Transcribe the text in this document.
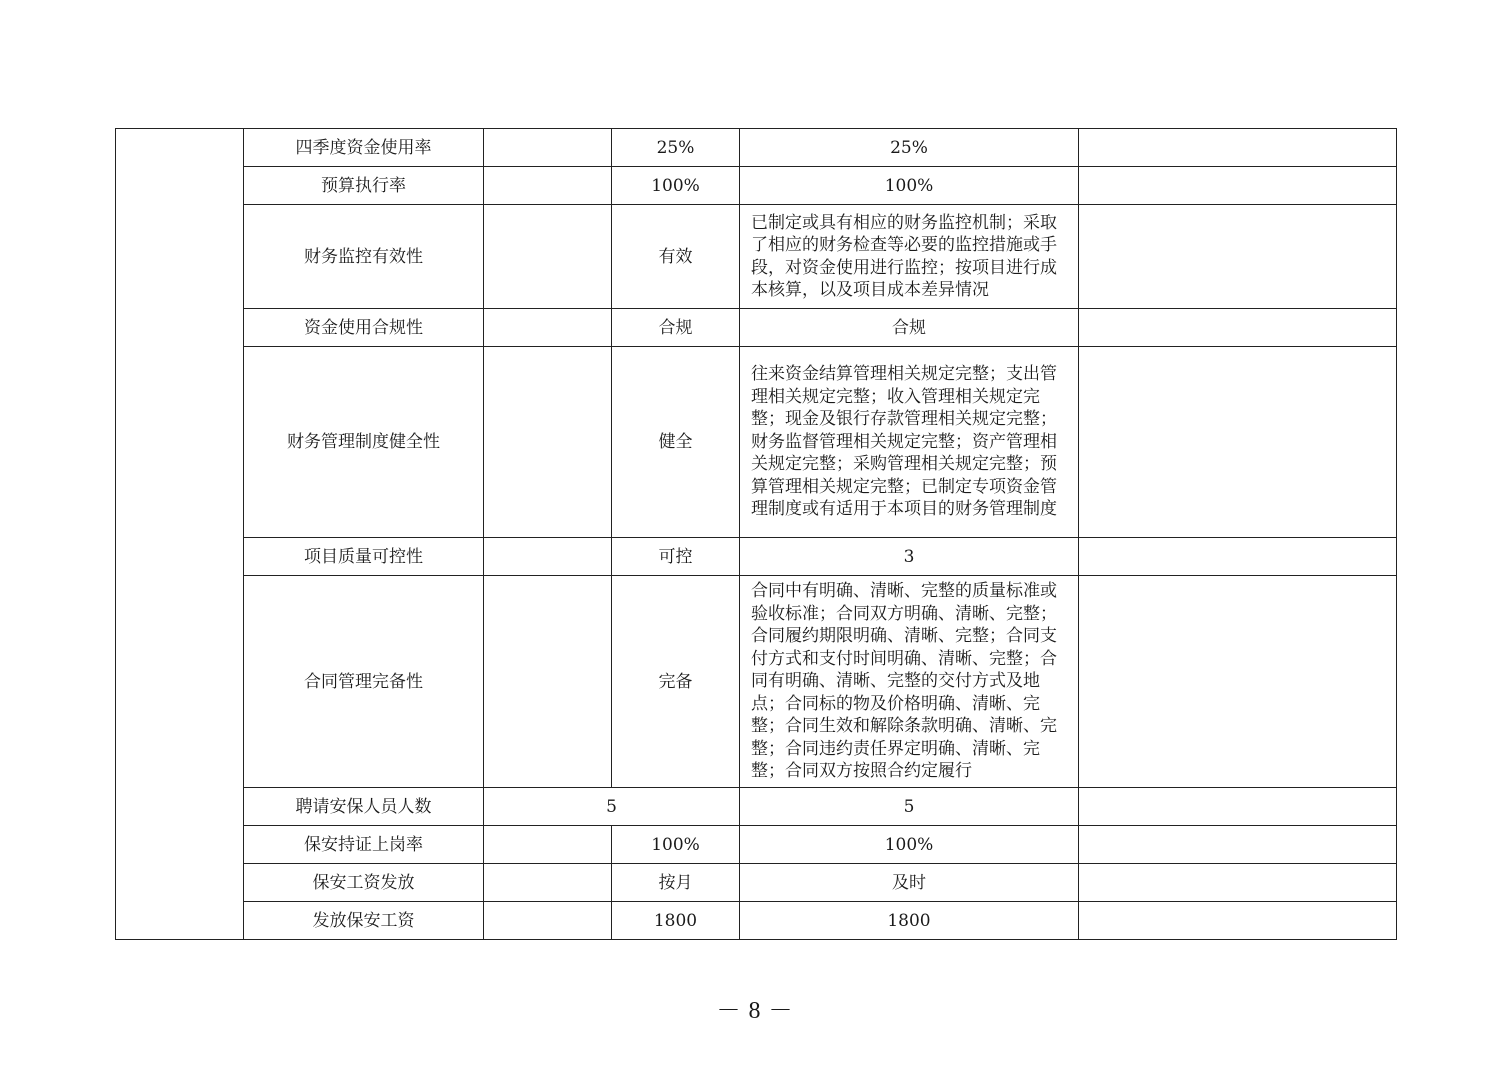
	四季度资金使用率		25%	25%	
	预算执行率		100%	100%	
	财务监控有效性		有效	已制定或具有相应的财务监控机制；采取了相应的财务检查等必要的监控措施或手段，对资金使用进行监控；按项目进行成本核算，以及项目成本差异情况	
	资金使用合规性		合规	合规	
	财务管理制度健全性		健全	往来资金结算管理相关规定完整；支出管理相关规定完整；收入管理相关规定完整；现金及银行存款管理相关规定完整；财务监督管理相关规定完整；资产管理相关规定完整；采购管理相关规定完整；预算管理相关规定完整；已制定专项资金管理制度或有适用于本项目的财务管理制度	
	项目质量可控性		可控	3	
	合同管理完备性		完备	合同中有明确、清晰、完整的质量标准或验收标准；合同双方明确、清晰、完整；合同履约期限明确、清晰、完整；合同支付方式和支付时间明确、清晰、完整；合同有明确、清晰、完整的交付方式及地点；合同标的物及价格明确、清晰、完整；合同生效和解除条款明确、清晰、完整；合同违约责任界定明确、清晰、完整；合同双方按照合约定履行	
	聘请安保人员人数	5		5	
	保安持证上岗率		100%	100%	
	保安工资发放		按月	及时	
	发放保安工资		1800	1800	
－ 8 －
